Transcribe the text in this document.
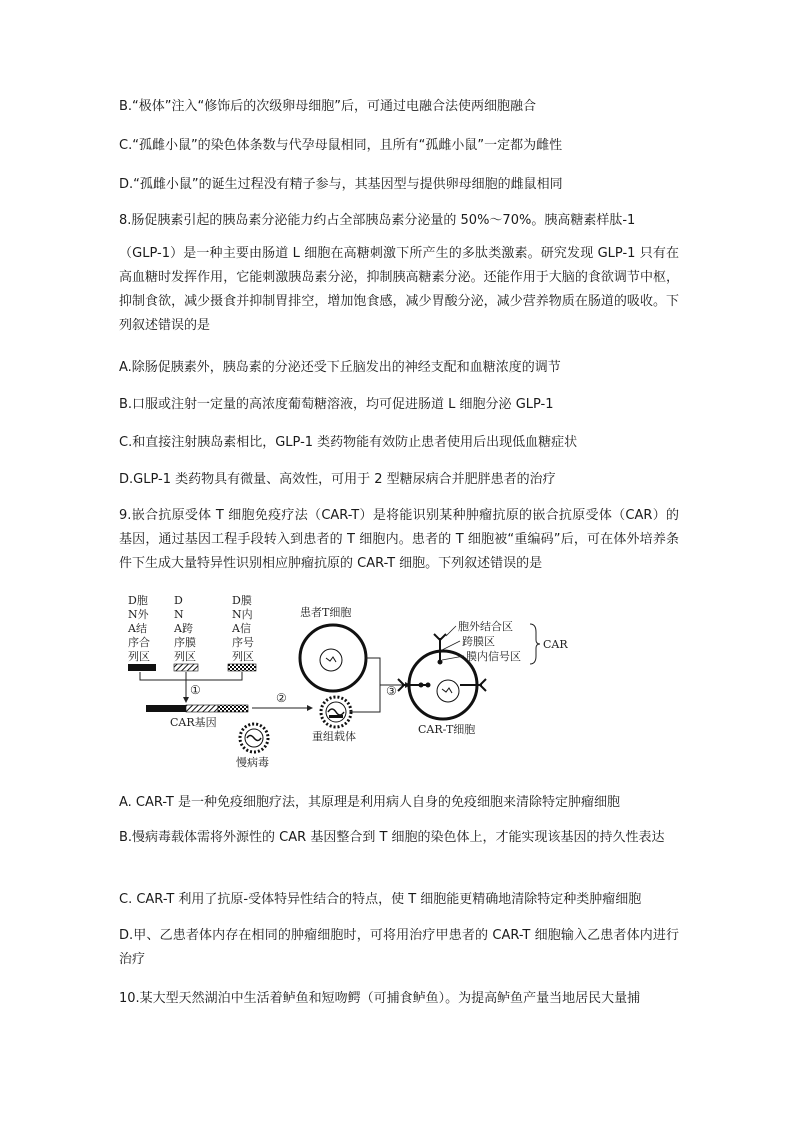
B.“极体”注入“修饰后的次级卵母细胞”后，可通过电融合法使两细胞融合
C.“孤雌小鼠”的染色体条数与代孕母鼠相同，且所有“孤雌小鼠”一定都为雌性
D.“孤雌小鼠”的诞生过程没有精子参与，其基因型与提供卵母细胞的雌鼠相同
8.肠促胰素引起的胰岛素分泌能力约占全部胰岛素分泌量的 50%～70%。胰高糖素样肽-1
（GLP-1）是一种主要由肠道 L 细胞在高糖刺激下所产生的多肽类激素。研究发现 GLP-1 只有在高血糖时发挥作用，它能刺激胰岛素分泌，抑制胰高糖素分泌。还能作用于大脑的食欲调节中枢，抑制食欲，减少摄食并抑制胃排空，增加饱食感，减少胃酸分泌，减少营养物质在肠道的吸收。下列叙述错误的是
A.除肠促胰素外，胰岛素的分泌还受下丘脑发出的神经支配和血糖浓度的调节
B.口服或注射一定量的高浓度葡萄糖溶液，均可促进肠道 L 细胞分泌 GLP-1
C.和直接注射胰岛素相比，GLP-1 类药物能有效防止患者使用后出现低血糖症状
D.GLP-1 类药物具有微量、高效性，可用于 2 型糖尿病合并肥胖患者的治疗
9.嵌合抗原受体 T 细胞免疫疗法（CAR-T）是将能识别某种肿瘤抗原的嵌合抗原受体（CAR）的基因，通过基因工程手段转入到患者的 T 细胞内。患者的 T 细胞被“重编码”后，可在体外培养条件下生成大量特异性识别相应肿瘤抗原的 CAR-T 细胞。下列叙述错误的是
D胞
N外
A结
序合
列区
D
N
A跨
序膜
列区
D膜
N内
A信
序号
列区
①
CAR基因
②
慢病毒
重组载体
患者T细胞
③
CAR-T细胞
胞外结合区
跨膜区
膜内信号区
CAR
A. CAR-T 是一种免疫细胞疗法，其原理是利用病人自身的免疫细胞来清除特定肿瘤细胞
B.慢病毒载体需将外源性的 CAR 基因整合到 T 细胞的染色体上，才能实现该基因的持久性表达
C. CAR-T 利用了抗原-受体特异性结合的特点，使 T 细胞能更精确地清除特定种类肿瘤细胞
D.甲、乙患者体内存在相同的肿瘤细胞时，可将用治疗甲患者的 CAR-T 细胞输入乙患者体内进行治疗
10.某大型天然湖泊中生活着鲈鱼和短吻鳄（可捕食鲈鱼）。为提高鲈鱼产量当地居民大量捕
